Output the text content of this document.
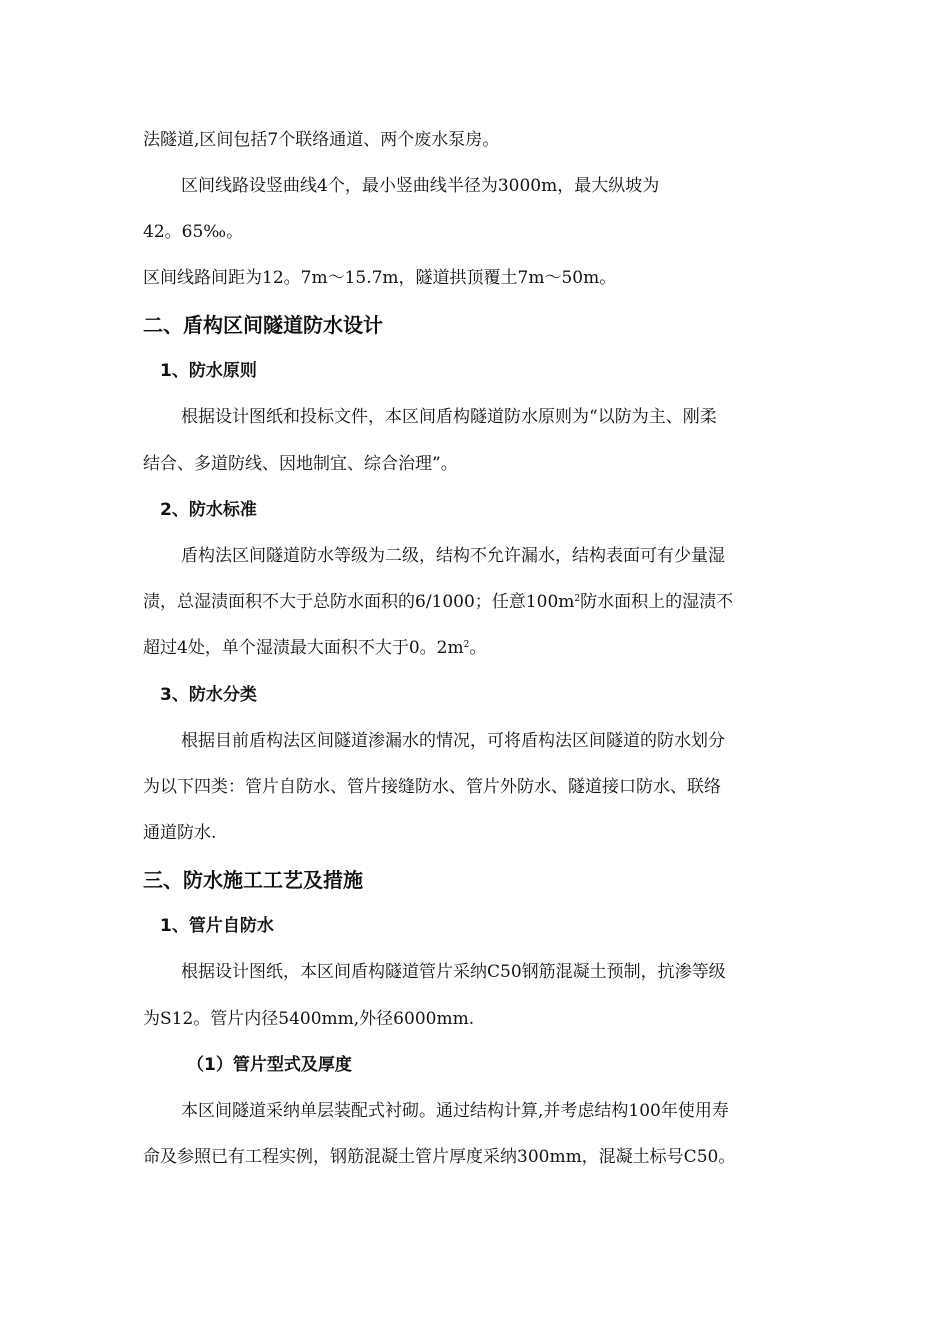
法隧道,区间包括7个联络通道、两个废水泵房。

区间线路设竖曲线4个，最小竖曲线半径为3000m，最大纵坡为

42。65‰。

区间线路间距为12。7m～15.7m，隧道拱顶覆土7m～50m。

二、盾构区间隧道防水设计
1、防水原则

根据设计图纸和投标文件，本区间盾构隧道防水原则为“以防为主、刚柔

结合、多道防线、因地制宜、综合治理”。

2、防水标准

盾构法区间隧道防水等级为二级，结构不允许漏水，结构表面可有少量湿

渍，总湿渍面积不大于总防水面积的6/1000；任意$100m^2$防水面积上的湿渍不

超过4处，单个湿渍最大面积不大于0。$2m^2$。

3、防水分类

根据目前盾构法区间隧道渗漏水的情况，可将盾构法区间隧道的防水划分

为以下四类：管片自防水、管片接缝防水、管片外防水、隧道接口防水、联络

通道防水.

三、防水施工工艺及措施
1、管片自防水

根据设计图纸，本区间盾构隧道管片采纳C50钢筋混凝土预制，抗渗等级

为S12。管片内径5400mm,外径6000mm.

（1）管片型式及厚度

本区间隧道采纳单层装配式衬砌。通过结构计算,并考虑结构100年使用寿

命及参照已有工程实例，钢筋混凝土管片厚度采纳300mm，混凝土标号C50。
